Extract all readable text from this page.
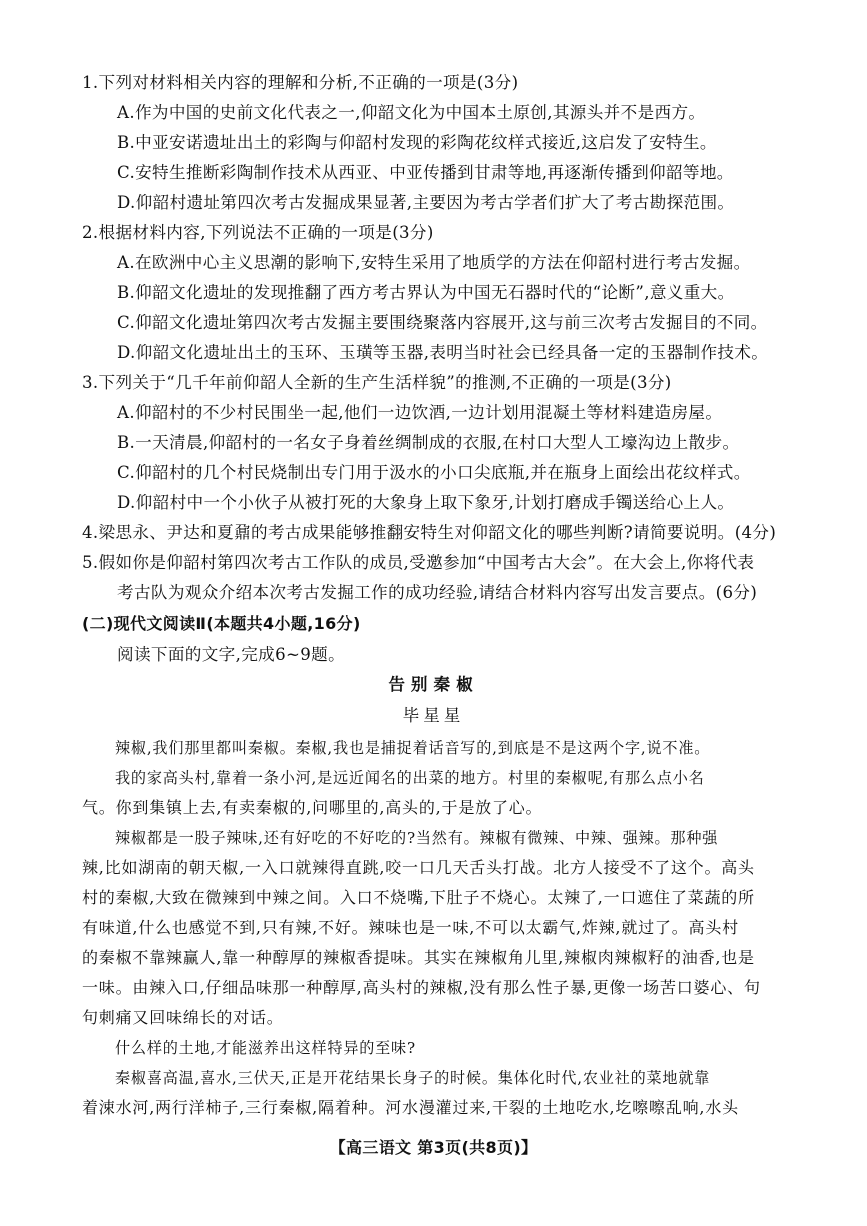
1.下列对材料相关内容的理解和分析,不正确的一项是(3分)
A.作为中国的史前文化代表之一,仰韶文化为中国本土原创,其源头并不是西方。
B.中亚安诺遗址出土的彩陶与仰韶村发现的彩陶花纹样式接近,这启发了安特生。
C.安特生推断彩陶制作技术从西亚、中亚传播到甘肃等地,再逐渐传播到仰韶等地。
D.仰韶村遗址第四次考古发掘成果显著,主要因为考古学者们扩大了考古勘探范围。
2.根据材料内容,下列说法不正确的一项是(3分)
A.在欧洲中心主义思潮的影响下,安特生采用了地质学的方法在仰韶村进行考古发掘。
B.仰韶文化遗址的发现推翻了西方考古界认为中国无石器时代的“论断”,意义重大。
C.仰韶文化遗址第四次考古发掘主要围绕聚落内容展开,这与前三次考古发掘目的不同。
D.仰韶文化遗址出土的玉环、玉璜等玉器,表明当时社会已经具备一定的玉器制作技术。
3.下列关于“几千年前仰韶人全新的生产生活样貌”的推测,不正确的一项是(3分)
A.仰韶村的不少村民围坐一起,他们一边饮酒,一边计划用混凝土等材料建造房屋。
B.一天清晨,仰韶村的一名女子身着丝绸制成的衣服,在村口大型人工壕沟边上散步。
C.仰韶村的几个村民烧制出专门用于汲水的小口尖底瓶,并在瓶身上面绘出花纹样式。
D.仰韶村中一个小伙子从被打死的大象身上取下象牙,计划打磨成手镯送给心上人。
4.梁思永、尹达和夏鼐的考古成果能够推翻安特生对仰韶文化的哪些判断?请简要说明。(4分)
5.假如你是仰韶村第四次考古工作队的成员,受邀参加“中国考古大会”。在大会上,你将代表
考古队为观众介绍本次考古发掘工作的成功经验,请结合材料内容写出发言要点。(6分)
(二)现代文阅读Ⅱ(本题共4小题,16分)
阅读下面的文字,完成6~9题。
告别秦椒
毕星星
辣椒,我们那里都叫秦椒。秦椒,我也是捕捉着话音写的,到底是不是这两个字,说不准。
我的家高头村,靠着一条小河,是远近闻名的出菜的地方。村里的秦椒呢,有那么点小名
气。你到集镇上去,有卖秦椒的,问哪里的,高头的,于是放了心。
辣椒都是一股子辣味,还有好吃的不好吃的?当然有。辣椒有微辣、中辣、强辣。那种强
辣,比如湖南的朝天椒,一入口就辣得直跳,咬一口几天舌头打战。北方人接受不了这个。高头
村的秦椒,大致在微辣到中辣之间。入口不烧嘴,下肚子不烧心。太辣了,一口遮住了菜蔬的所
有味道,什么也感觉不到,只有辣,不好。辣味也是一味,不可以太霸气,炸辣,就过了。高头村
的秦椒不靠辣赢人,靠一种醇厚的辣椒香提味。其实在辣椒角儿里,辣椒肉辣椒籽的油香,也是
一味。由辣入口,仔细品味那一种醇厚,高头村的辣椒,没有那么性子暴,更像一场苦口婆心、句
句刺痛又回味绵长的对话。
什么样的土地,才能滋养出这样特异的至味?
秦椒喜高温,喜水,三伏天,正是开花结果长身子的时候。集体化时代,农业社的菜地就靠
着涑水河,两行洋柿子,三行秦椒,隔着种。河水漫灌过来,干裂的土地吃水,圪嚓嚓乱响,水头
【高三语文 第3页(共8页)】
